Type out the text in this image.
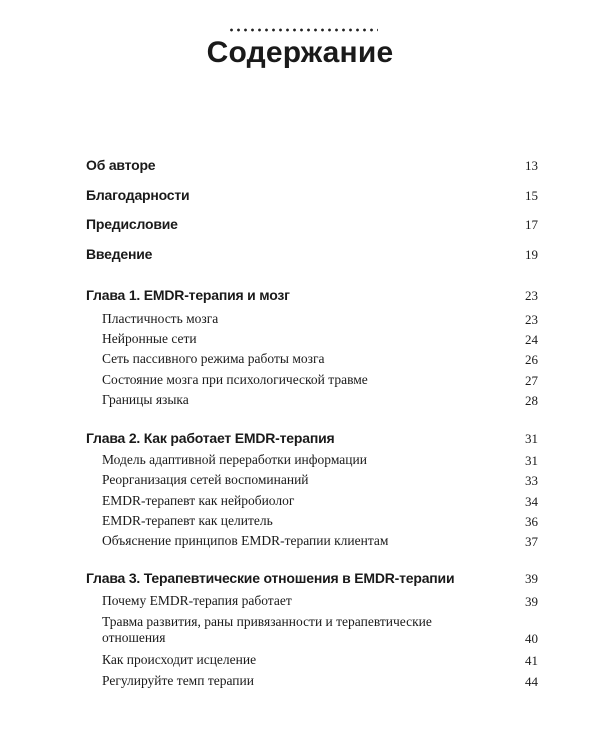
Содержание
Об авторе	13
Благодарности	15
Предисловие	17
Введение	19
Глава 1. EMDR-терапия и мозг	23
Пластичность мозга	23
Нейронные сети	24
Сеть пассивного режима работы мозга	26
Состояние мозга при психологической травме	27
Границы языка	28
Глава 2. Как работает EMDR-терапия	31
Модель адаптивной переработки информации	31
Реорганизация сетей воспоминаний	33
EMDR-терапевт как нейробиолог	34
EMDR-терапевт как целитель	36
Объяснение принципов EMDR-терапии клиентам	37
Глава 3. Терапевтические отношения в EMDR-терапии	39
Почему EMDR-терапия работает	39
Травма развития, раны привязанности и терапевтические отношения	40
Как происходит исцеление	41
Регулируйте темп терапии	44
